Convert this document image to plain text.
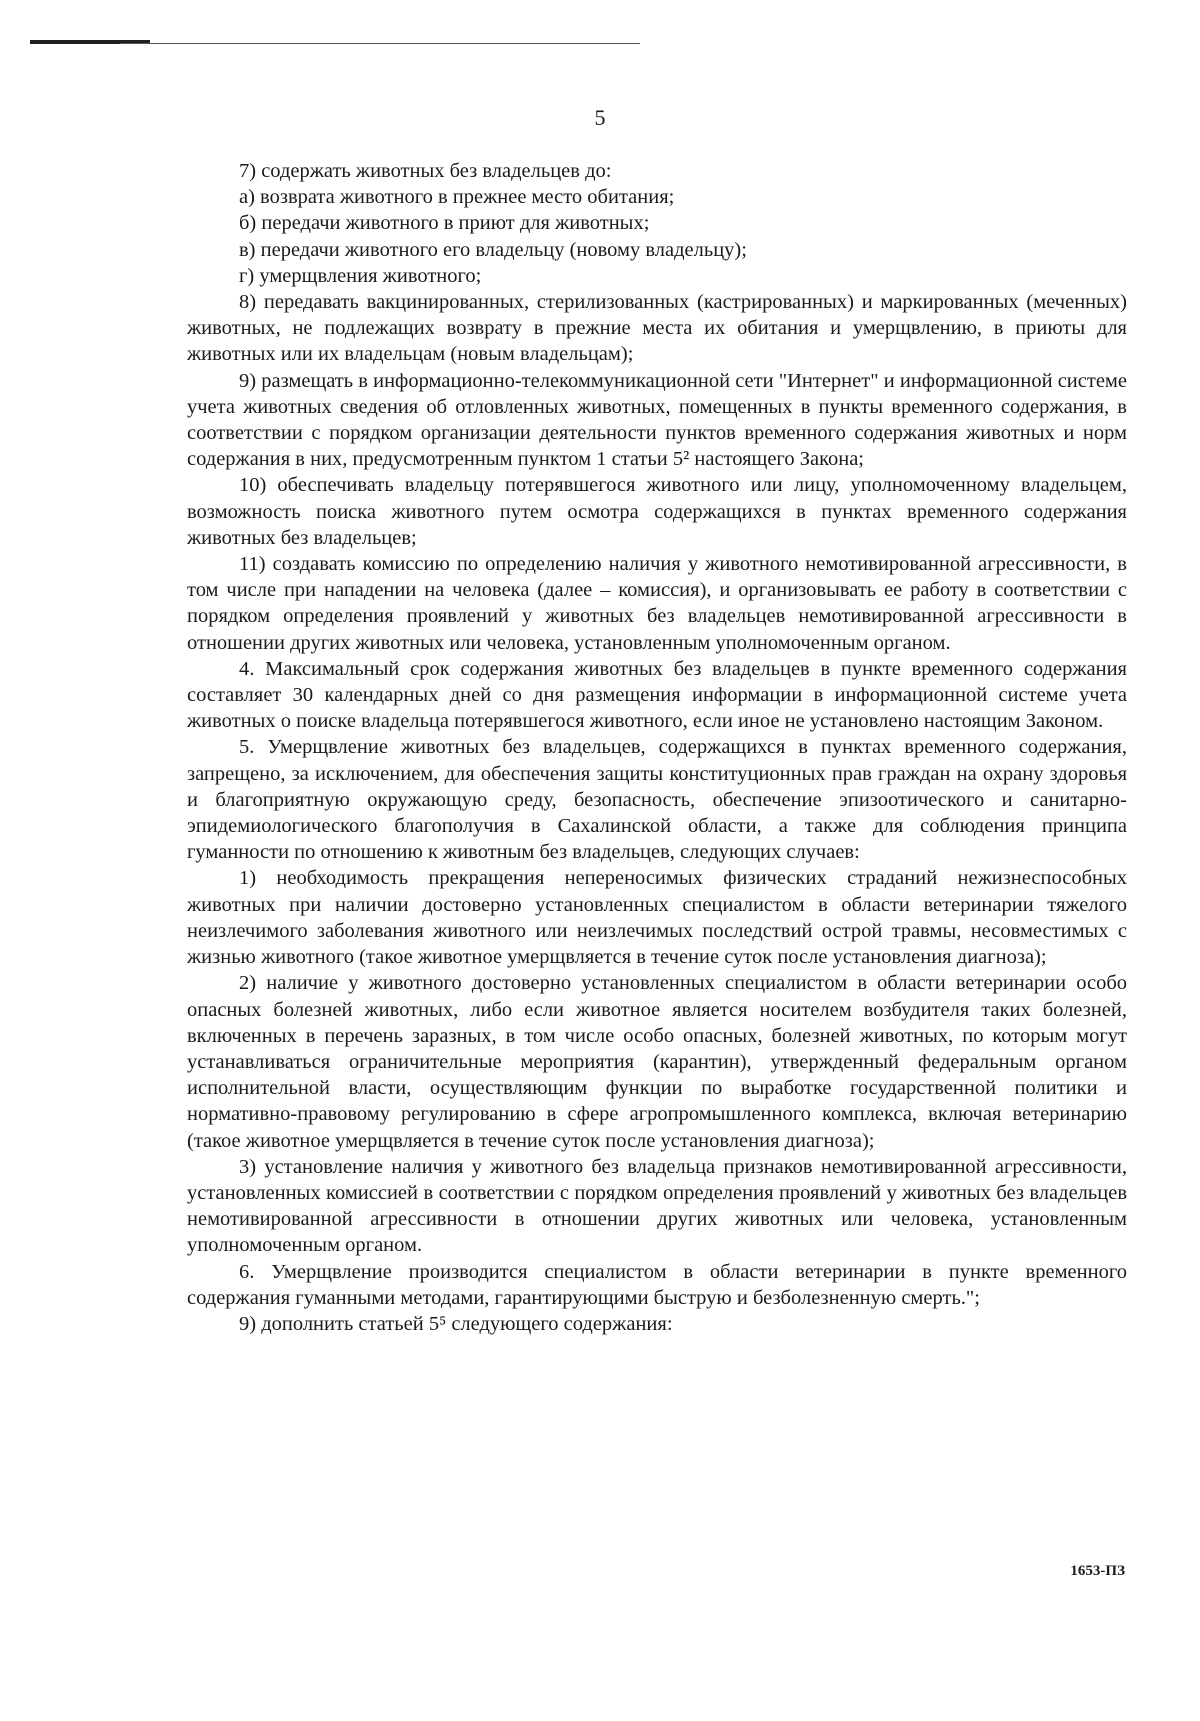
5

7) содержать животных без владельцев до:

а) возврата животного в прежнее место обитания;

б) передачи животного в приют для животных;

в) передачи животного его владельцу (новому владельцу);

г) умерщвления животного;

8) передавать вакцинированных, стерилизованных (кастрированных) и маркированных (меченных) животных, не подлежащих возврату в прежние места их обитания и умерщвлению, в приюты для животных или их владельцам (новым владельцам);

9) размещать в информационно-телекоммуникационной сети "Интернет" и информационной системе учета животных сведения об отловленных животных, помещенных в пункты временного содержания, в соответствии с порядком организации деятельности пунктов временного содержания животных и норм содержания в них, предусмотренным пунктом 1 статьи 5² настоящего Закона;

10) обеспечивать владельцу потерявшегося животного или лицу, уполномоченному владельцем, возможность поиска животного путем осмотра содержащихся в пунктах временного содержания животных без владельцев;

11) создавать комиссию по определению наличия у животного немотивированной агрессивности, в том числе при нападении на человека (далее – комиссия), и организовывать ее работу в соответствии с порядком определения проявлений у животных без владельцев немотивированной агрессивности в отношении других животных или человека, установленным уполномоченным органом.

4. Максимальный срок содержания животных без владельцев в пункте временного содержания составляет 30 календарных дней со дня размещения информации в информационной системе учета животных о поиске владельца потерявшегося животного, если иное не установлено настоящим Законом.

5. Умерщвление животных без владельцев, содержащихся в пунктах временного содержания, запрещено, за исключением, для обеспечения защиты конституционных прав граждан на охрану здоровья и благоприятную окружающую среду, безопасность, обеспечение эпизоотического и санитарно-эпидемиологического благополучия в Сахалинской области, а также для соблюдения принципа гуманности по отношению к животным без владельцев, следующих случаев:

1) необходимость прекращения непереносимых физических страданий нежизнеспособных животных при наличии достоверно установленных специалистом в области ветеринарии тяжелого неизлечимого заболевания животного или неизлечимых последствий острой травмы, несовместимых с жизнью животного (такое животное умерщвляется в течение суток после установления диагноза);

2) наличие у животного достоверно установленных специалистом в области ветеринарии особо опасных болезней животных, либо если животное является носителем возбудителя таких болезней, включенных в перечень заразных, в том числе особо опасных, болезней животных, по которым могут устанавливаться ограничительные мероприятия (карантин), утвержденный федеральным органом исполнительной власти, осуществляющим функции по выработке государственной политики и нормативно-правовому регулированию в сфере агропромышленного комплекса, включая ветеринарию (такое животное умерщвляется в течение суток после установления диагноза);

3) установление наличия у животного без владельца признаков немотивированной агрессивности, установленных комиссией в соответствии с порядком определения проявлений у животных без владельцев немотивированной агрессивности в отношении других животных или человека, установленным уполномоченным органом.

6. Умерщвление производится специалистом в области ветеринарии в пункте временного содержания гуманными методами, гарантирующими быструю и безболезненную смерть.";

9) дополнить статьей 5⁵ следующего содержания:

1653-ПЗ
